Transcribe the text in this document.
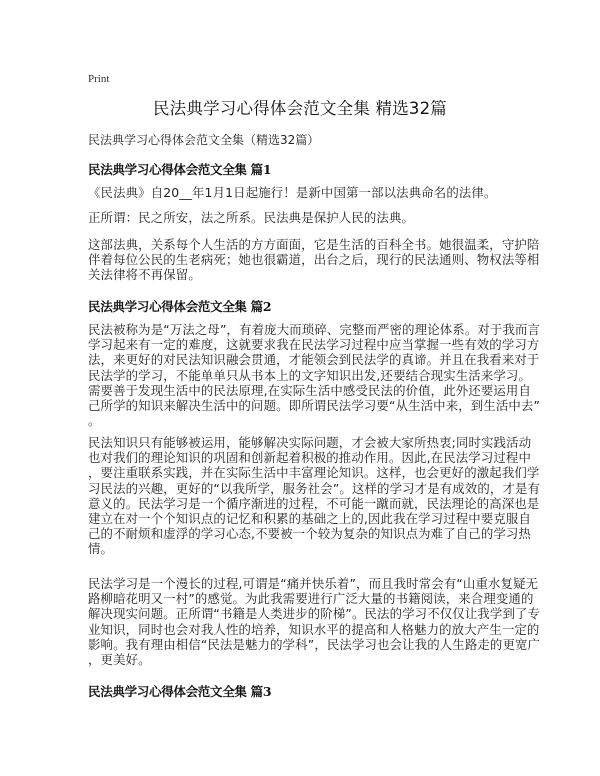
Print
民法典学习心得体会范文全集 精选32篇
民法典学习心得体会范文全集（精选32篇）
民法典学习心得体会范文全集 篇1
《民法典》自20__年1月1日起施行！是新中国第一部以法典命名的法律。
正所谓：民之所安，法之所系。民法典是保护人民的法典。
这部法典，关系每个人生活的方方面面，它是生活的百科全书。她很温柔，守护陪
伴着每位公民的生老病死；她也很霸道，出台之后，现行的民法通则、物权法等相
关法律将不再保留。
民法典学习心得体会范文全集 篇2
民法被称为是“万法之母”，有着庞大而琐碎、完整而严密的理论体系。对于我而言
学习起来有一定的难度，这就要求我在民法学习过程中应当掌握一些有效的学习方
法，来更好的对民法知识融会贯通，才能领会到民法学的真谛。并且在我看来对于
民法学的学习，不能单单只从书本上的文字知识出发,还要结合现实生活来学习。
需要善于发现生活中的民法原理,在实际生活中感受民法的价值，此外还要运用自
己所学的知识来解决生活中的问题。即所谓民法学习要“从生活中来，到生活中去”
。
民法知识只有能够被运用，能够解决实际问题，才会被大家所热衷;同时实践活动
也对我们的理论知识的巩固和创新起着积极的推动作用。因此,在民法学习过程中
，要注重联系实践，并在实际生活中丰富理论知识。这样，也会更好的激起我们学
习民法的兴趣，更好的“以我所学，服务社会”。这样的学习才是有成效的，才是有
意义的。民法学习是一个循序渐进的过程，不可能一蹴而就，民法理论的高深也是
建立在对一个个知识点的记忆和积累的基础之上的,因此我在学习过程中要克服自
己的不耐烦和虚浮的学习心态,不要被一个较为复杂的知识点为难了自己的学习热
情。
民法学习是一个漫长的过程,可谓是“痛并快乐着”，而且我时常会有“山重水复疑无
路柳暗花明又一村”的感觉。为此我需要进行广泛大量的书籍阅读，来合理变通的
解决现实问题。正所谓“书籍是人类进步的阶梯”。民法的学习不仅仅让我学到了专
业知识，同时也会对我人性的培养，知识水平的提高和人格魅力的放大产生一定的
影响。我有理由相信“民法是魅力的学科”，民法学习也会让我的人生路走的更宽广
，更美好。
民法典学习心得体会范文全集 篇3
